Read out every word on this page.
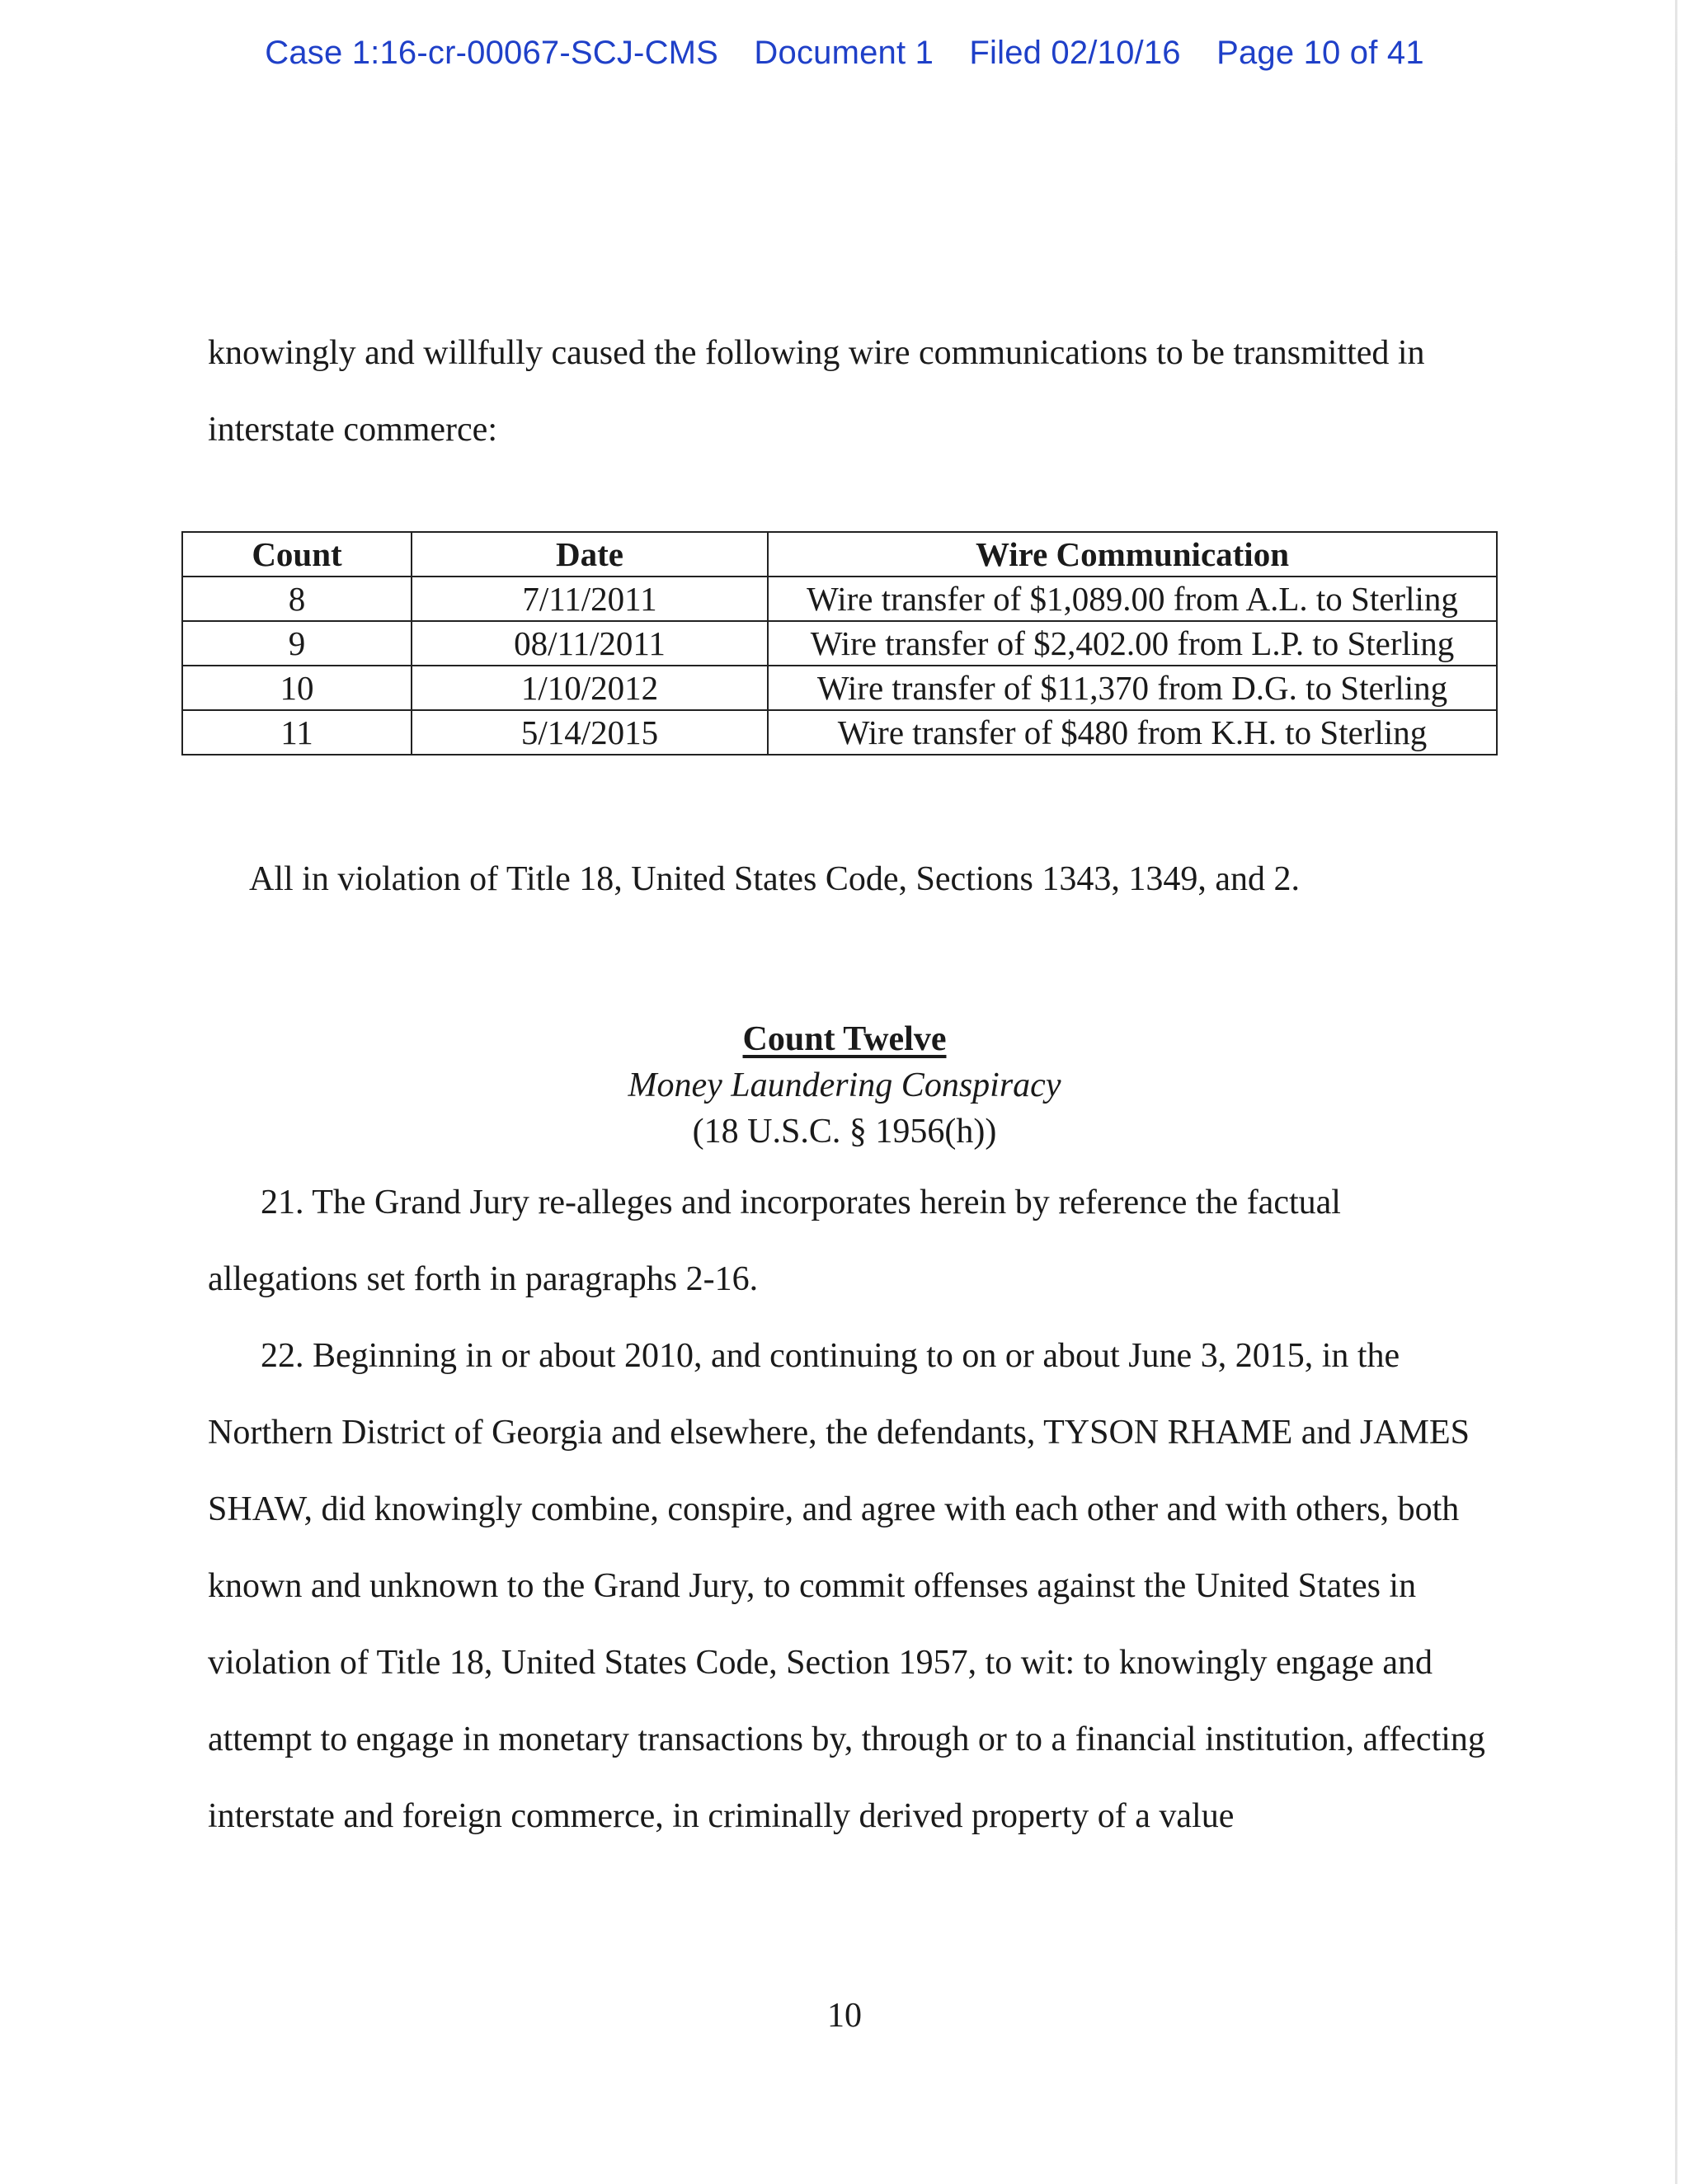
Case 1:16-cr-00067-SCJ-CMS Document 1 Filed 02/10/16 Page 10 of 41

knowingly and willfully caused the following wire communications to be transmitted in interstate commerce:

Count	Date	Wire Communication
8	7/11/2011	Wire transfer of $1,089.00 from A.L. to Sterling
9	08/11/2011	Wire transfer of $2,402.00 from L.P. to Sterling
10	1/10/2012	Wire transfer of $11,370 from D.G. to Sterling
11	5/14/2015	Wire transfer of $480 from K.H. to Sterling

All in violation of Title 18, United States Code, Sections 1343, 1349, and 2.

Count Twelve
Money Laundering Conspiracy
(18 U.S.C. § 1956(h))

21. The Grand Jury re-alleges and incorporates herein by reference the factual allegations set forth in paragraphs 2-16.

22. Beginning in or about 2010, and continuing to on or about June 3, 2015, in the Northern District of Georgia and elsewhere, the defendants, TYSON RHAME and JAMES SHAW, did knowingly combine, conspire, and agree with each other and with others, both known and unknown to the Grand Jury, to commit offenses against the United States in violation of Title 18, United States Code, Section 1957, to wit: to knowingly engage and attempt to engage in monetary transactions by, through or to a financial institution, affecting interstate and foreign commerce, in criminally derived property of a value

10
